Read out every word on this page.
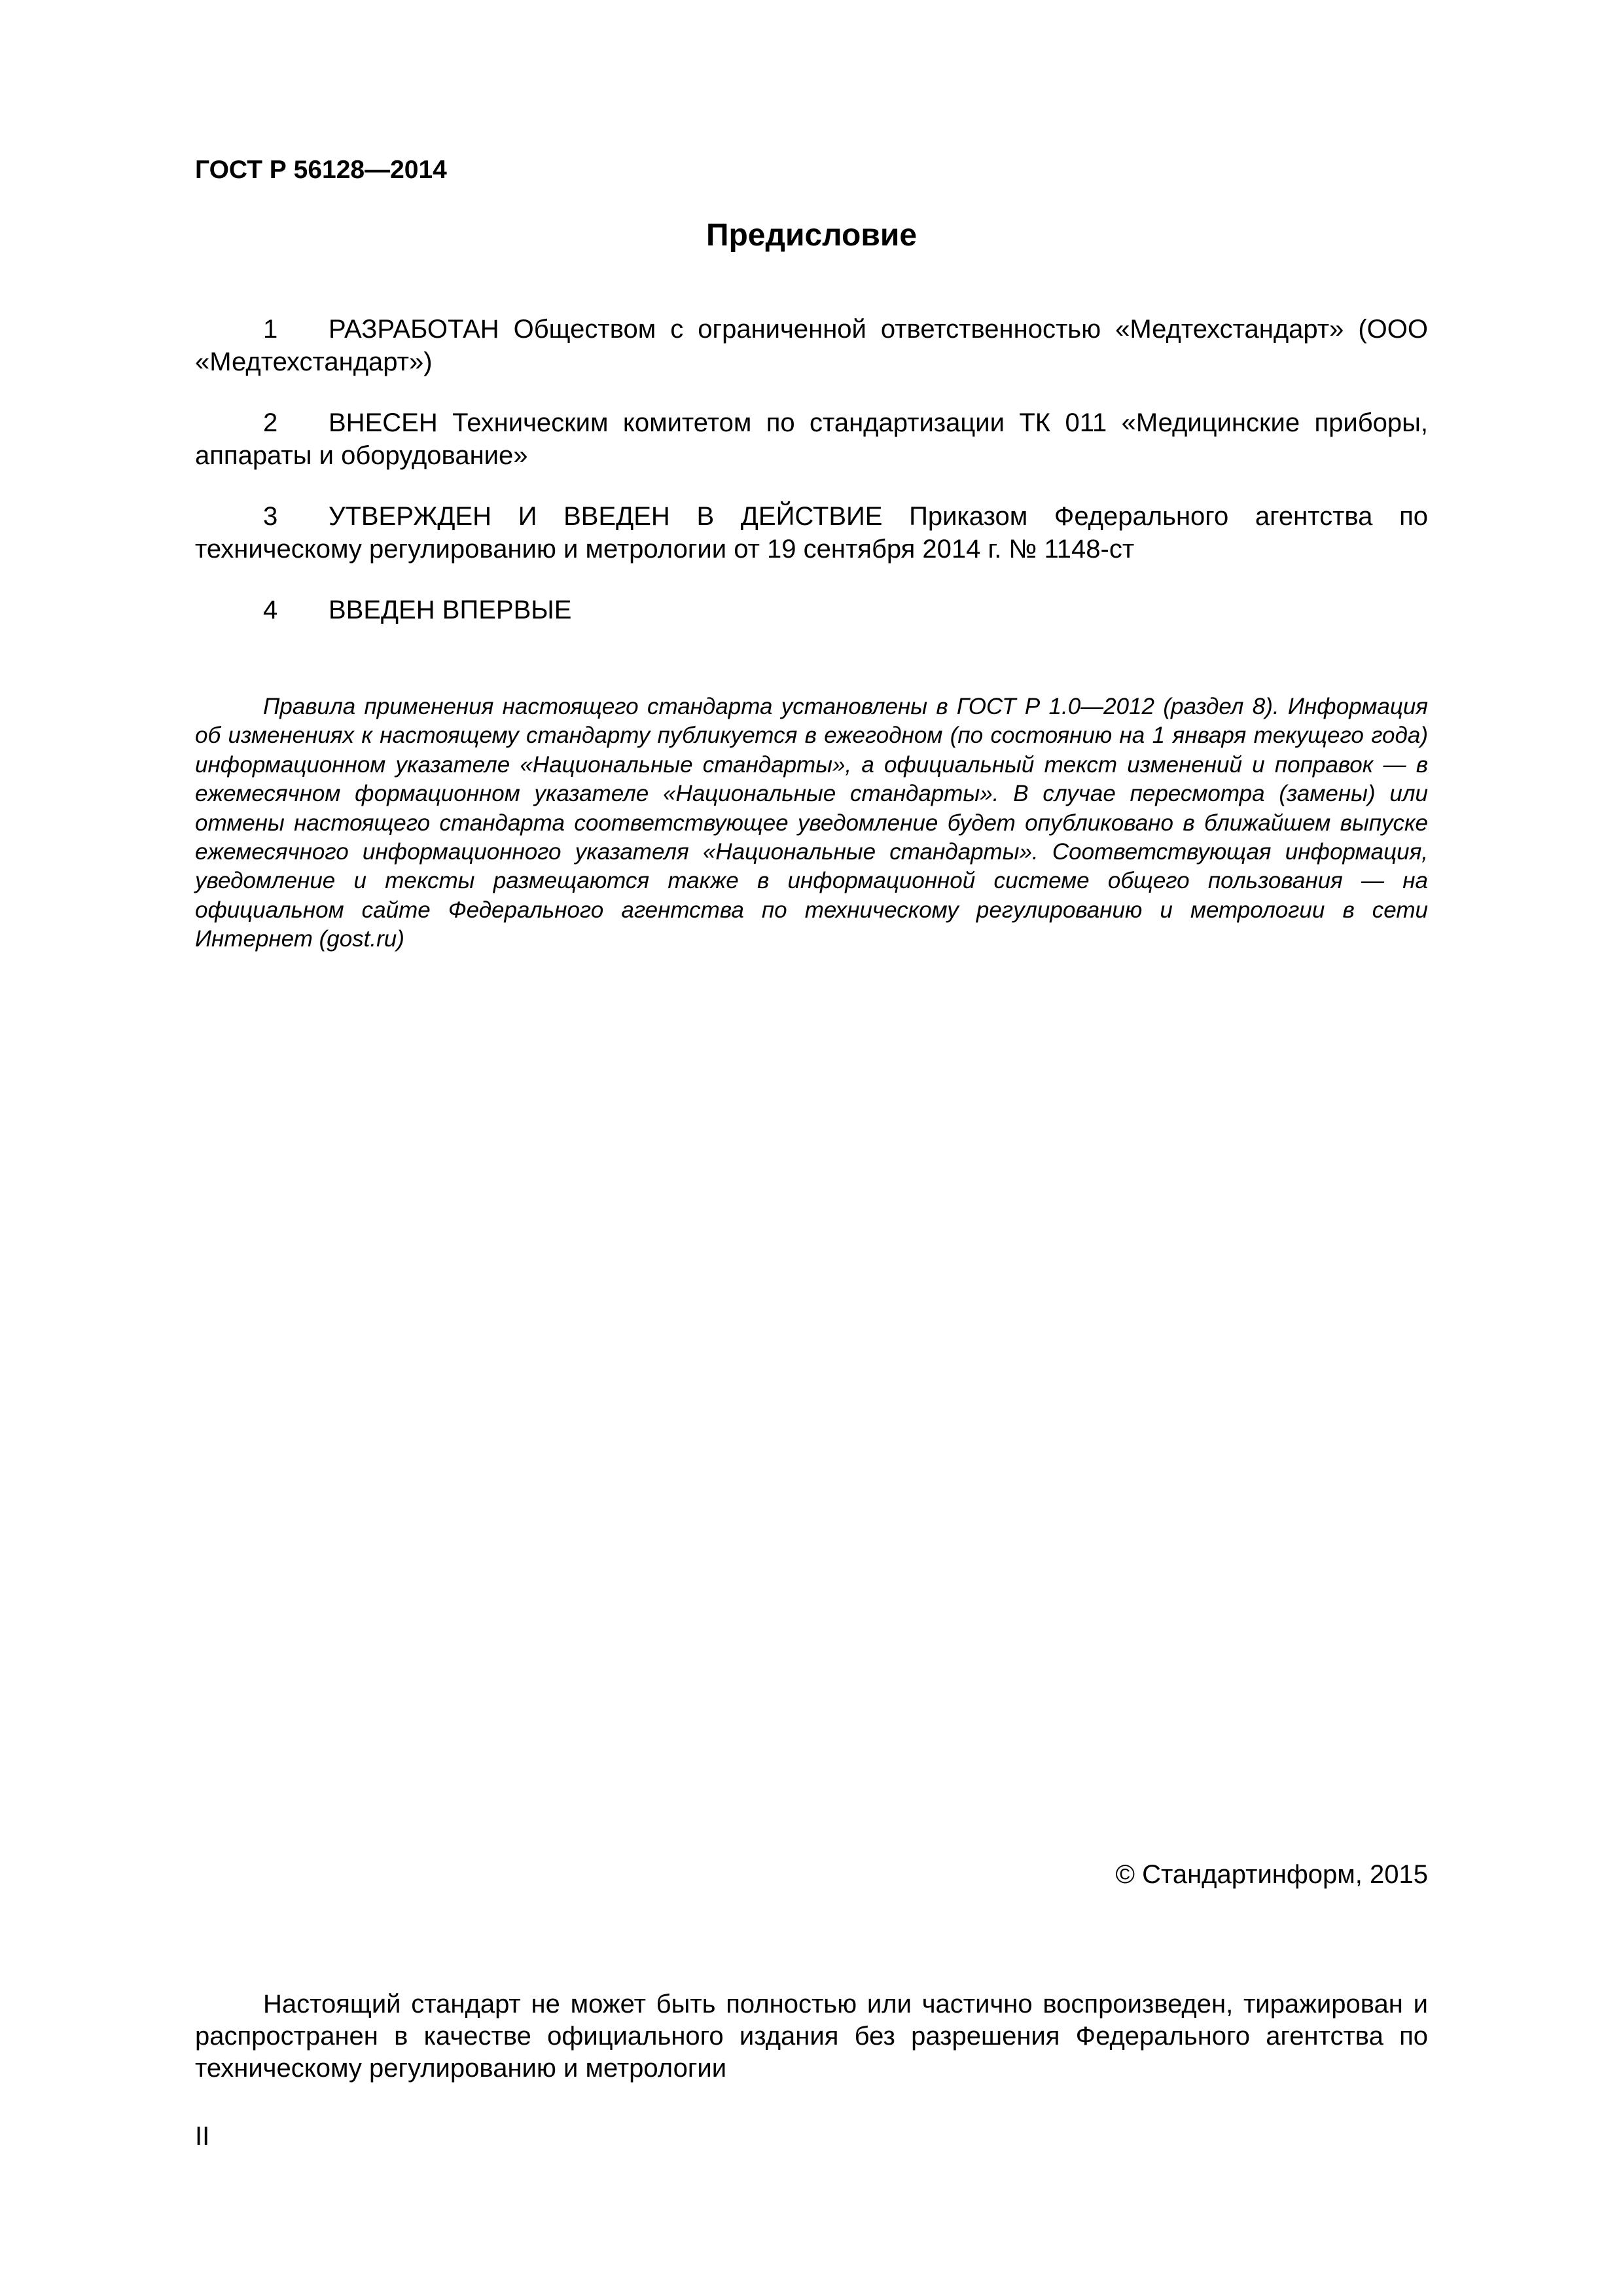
ГОСТ Р 56128—2014

Предисловие

1 РАЗРАБОТАН Обществом с ограниченной ответственностью «Медтехстандарт» (ООО «Медтехстандарт»)

2 ВНЕСЕН Техническим комитетом по стандартизации ТК 011 «Медицинские приборы, аппараты и оборудование»

3 УТВЕРЖДЕН И ВВЕДЕН В ДЕЙСТВИЕ Приказом Федерального агентства по техническому регулированию и метрологии от 19 сентября 2014 г. № 1148-ст

4 ВВЕДЕН ВПЕРВЫЕ

Правила применения настоящего стандарта установлены в ГОСТ Р 1.0—2012 (раздел 8). Информация об изменениях к настоящему стандарту публикуется в ежегодном (по состоянию на 1 января текущего года) информационном указателе «Национальные стандарты», а официальный текст изменений и поправок — в ежемесячном формационном указателе «Национальные стандарты». В случае пересмотра (замены) или отмены настоящего стандарта соответствующее уведомление будет опубликовано в ближайшем выпуске ежемесячного информационного указателя «Национальные стандарты». Соответствующая информация, уведомление и тексты размещаются также в информационной системе общего пользования — на официальном сайте Федерального агентства по техническому регулированию и метрологии в сети Интернет (gost.ru)

© Стандартинформ, 2015

Настоящий стандарт не может быть полностью или частично воспроизведен, тиражирован и распространен в качестве официального издания без разрешения Федерального агентства по техническому регулированию и метрологии

II
